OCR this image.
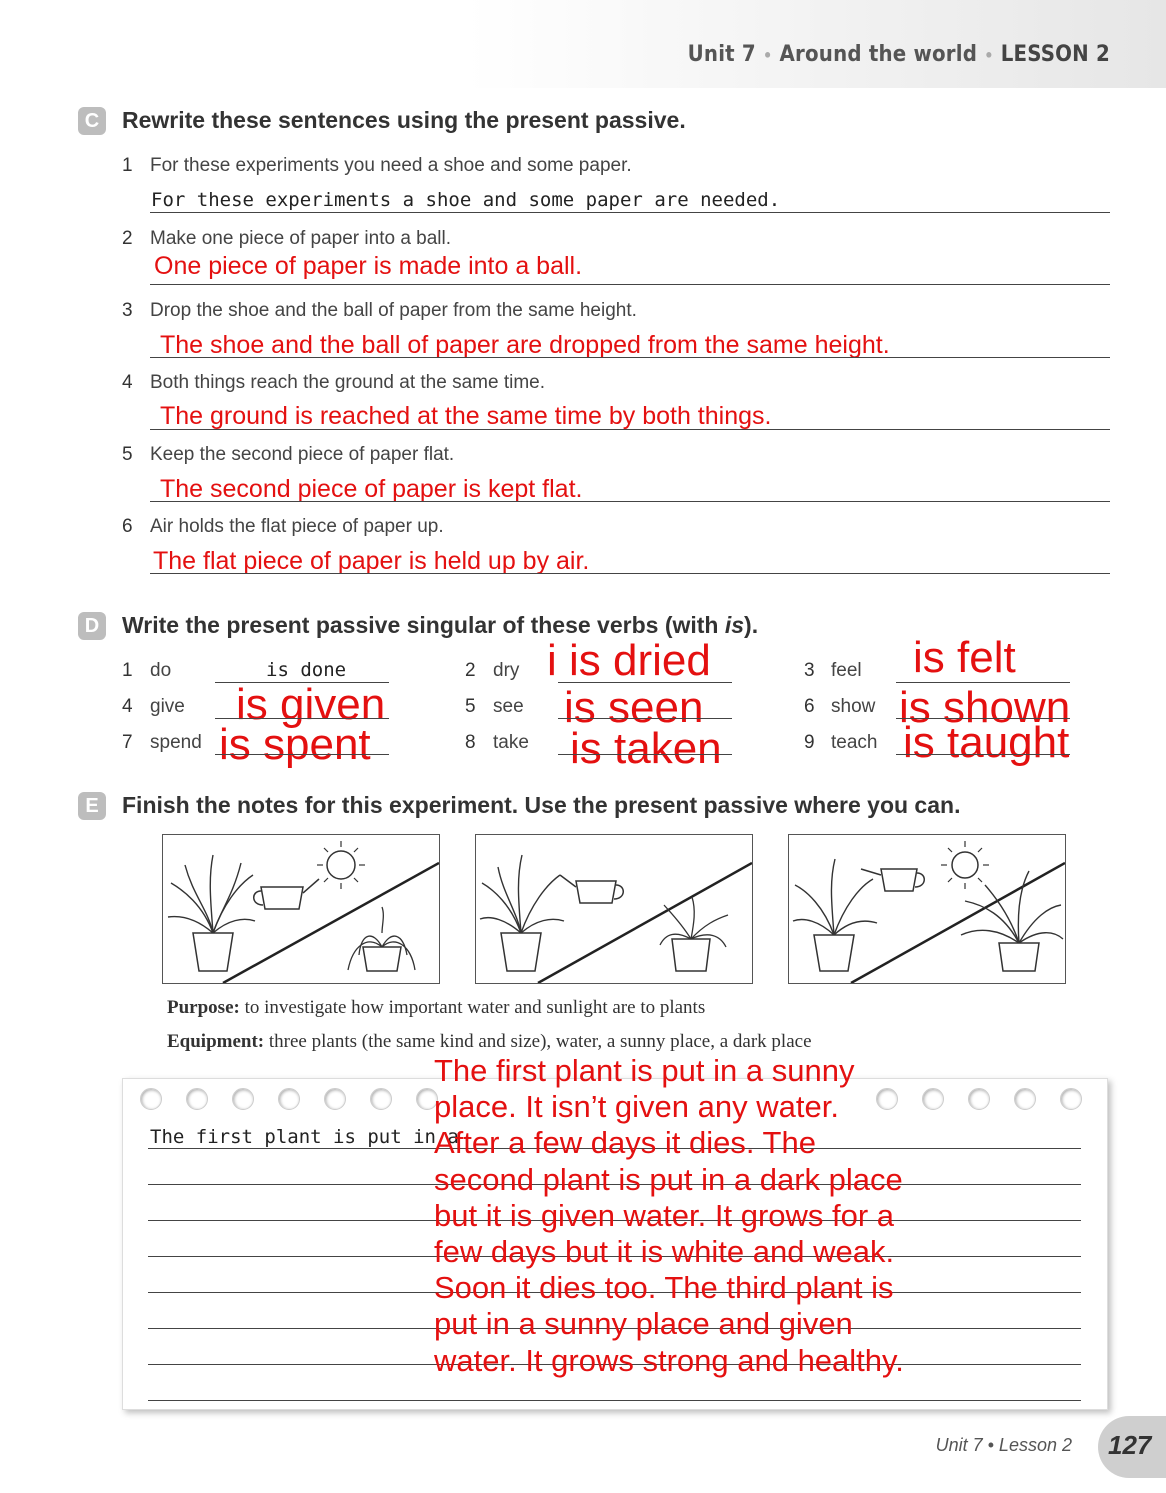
Unit 7 • Around the world • LESSON 2
C Rewrite these sentences using the present passive.
1 For these experiments you need a shoe and some paper.
For these experiments a shoe and some paper are needed.
2 Make one piece of paper into a ball.
One piece of paper is made into a ball.
3 Drop the shoe and the ball of paper from the same height.
The shoe and the ball of paper are dropped from the same height.
4 Both things reach the ground at the same time.
The ground is reached at the same time by both things.
5 Keep the second piece of paper flat.
The second piece of paper is kept flat.
6 Air holds the flat piece of paper up.
The flat piece of paper is held up by air.
D Write the present passive singular of these verbs (with is).
1 do	is done	2 dry i is dried	3 feel is felt
4 give is given	5 see is seen	6 show is shown
7 spend is spent	8 take is taken	9 teach is taught
E	Finish the notes for this experiment. Use the present passive where you can.
Purpose: to investigate how important water and sunlight are to plants
Equipment: three plants (the same kind and size), water, a sunny place, a dark place
The first plant is put in a
The first plant is put in a sunny place. It isn’t given any water. After a few days it dies. The second plant is put in a dark place but it is given water. It grows for a few days but it is white and weak. Soon it dies too. The third plant is put in a sunny place and given water. It grows strong and healthy.
Unit 7 • Lesson 2 127
